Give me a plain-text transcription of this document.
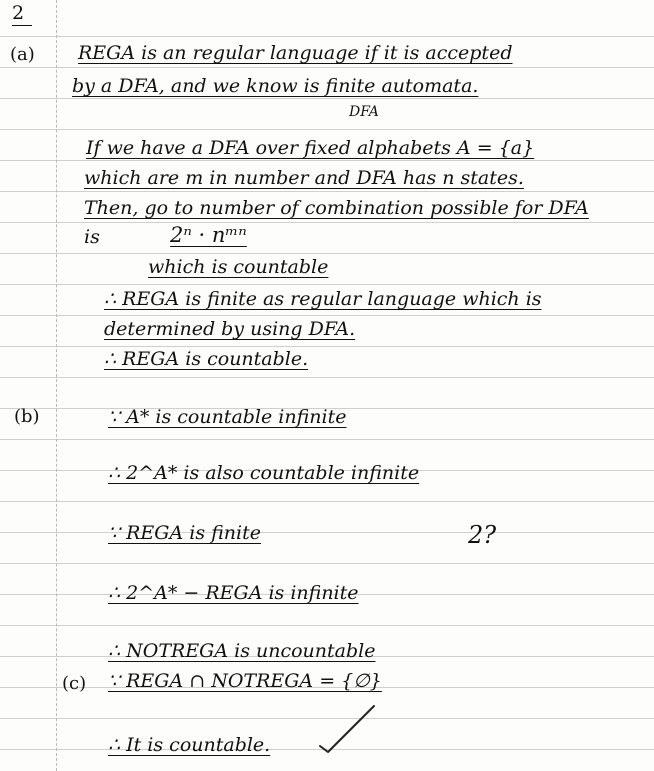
2
(a) REGA is an regular language if it is accepted
by a DFA, and we know is finite automata.
DFA
If we have a DFA over fixed alphabets A = {a}
which are m in number and DFA has n states.
Then, go to number of combination possible for DFA
is	2ⁿ · nᵐⁿ
which is countable
∴ REGA is finite as regular language which is
determined by using DFA.
∴ REGA is countable.
(b)	∵ A* is countable infinite
∴ 2^A* is also countable infinite
∵ REGA is finite	2?
∴ 2^A* − REGA is infinite
∴ NOTREGA is uncountable
(c) ∵ REGA ∩ NOTREGA = {∅}
∴ It is countable.
